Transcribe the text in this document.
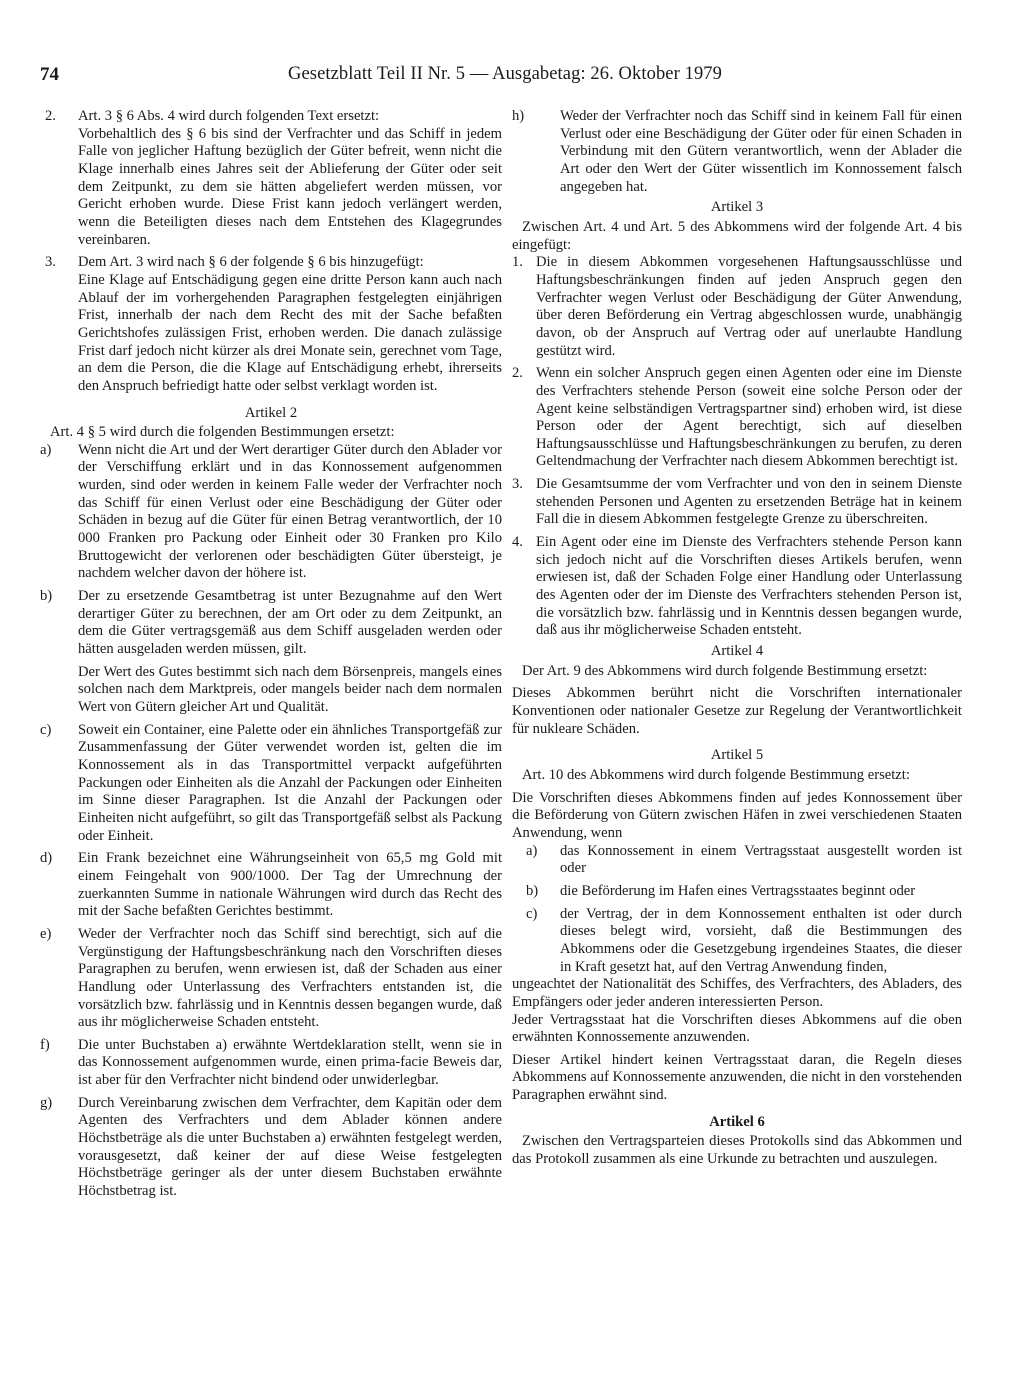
74	Gesetzblatt Teil II Nr. 5 — Ausgabetag: 26. Oktober 1979
2.	Art. 3 § 6 Abs. 4 wird durch folgenden Text ersetzt:

Vorbehaltlich des § 6 bis sind der Verfrachter und das Schiff in jedem Falle von jeglicher Haftung bezüglich der Güter befreit, wenn nicht die Klage innerhalb eines Jahres seit der Ablieferung der Güter oder seit dem Zeitpunkt, zu dem sie hätten abgeliefert werden müssen, vor Gericht erhoben wurde. Diese Frist kann jedoch verlängert werden, wenn die Beteiligten dieses nach dem Entstehen des Klagegrundes vereinbaren.

3.	Dem Art. 3 wird nach § 6 der folgende § 6 bis hinzugefügt:

Eine Klage auf Entschädigung gegen eine dritte Person kann auch nach Ablauf der im vorhergehenden Paragraphen festgelegten einjährigen Frist, innerhalb der nach dem Recht des mit der Sache befaßten Gerichtshofes zulässigen Frist, erhoben werden. Die danach zulässige Frist darf jedoch nicht kürzer als drei Monate sein, gerechnet vom Tage, an dem die Person, die die Klage auf Entschädigung erhebt, ihrerseits den Anspruch befriedigt hatte oder selbst verklagt worden ist.

Artikel 2

Art. 4 § 5 wird durch die folgenden Bestimmungen ersetzt:

a)	Wenn nicht die Art und der Wert derartiger Güter durch den Ablader vor der Verschiffung erklärt und in das Konnossement aufgenommen wurden, sind oder werden in keinem Falle weder der Verfrachter noch das Schiff für einen Verlust oder eine Beschädigung der Güter oder Schäden in bezug auf die Güter für einen Betrag verantwortlich, der 10 000 Franken pro Packung oder Einheit oder 30 Franken pro Kilo Bruttogewicht der verlorenen oder beschädigten Güter übersteigt, je nachdem welcher davon der höhere ist.

b)	Der zu ersetzende Gesamtbetrag ist unter Bezugnahme auf den Wert derartiger Güter zu berechnen, der am Ort oder zu dem Zeitpunkt, an dem die Güter vertragsgemäß aus dem Schiff ausgeladen werden oder hätten ausgeladen werden müssen, gilt.

Der Wert des Gutes bestimmt sich nach dem Börsenpreis, mangels eines solchen nach dem Marktpreis, oder mangels beider nach dem normalen Wert von Gütern gleicher Art und Qualität.

c)	Soweit ein Container, eine Palette oder ein ähnliches Transportgefäß zur Zusammenfassung der Güter verwendet worden ist, gelten die im Konnossement als in das Transportmittel verpackt aufgeführten Packungen oder Einheiten als die Anzahl der Packungen oder Einheiten im Sinne dieser Paragraphen. Ist die Anzahl der Packungen oder Einheiten nicht aufgeführt, so gilt das Transportgefäß selbst als Packung oder Einheit.

d)	Ein Frank bezeichnet eine Währungseinheit von 65,5 mg Gold mit einem Feingehalt von 900/1000. Der Tag der Umrechnung der zuerkannten Summe in nationale Währungen wird durch das Recht des mit der Sache befaßten Gerichtes bestimmt.

e)	Weder der Verfrachter noch das Schiff sind berechtigt, sich auf die Vergünstigung der Haftungsbeschränkung nach den Vorschriften dieses Paragraphen zu berufen, wenn erwiesen ist, daß der Schaden aus einer Handlung oder Unterlassung des Verfrachters entstanden ist, die vorsätzlich bzw. fahrlässig und in Kenntnis dessen begangen wurde, daß aus ihr möglicherweise Schaden entsteht.

f)	Die unter Buchstaben a) erwähnte Wertdeklaration stellt, wenn sie in das Konnossement aufgenommen wurde, einen prima-facie Beweis dar, ist aber für den Verfrachter nicht bindend oder unwiderlegbar.

g)	Durch Vereinbarung zwischen dem Verfrachter, dem Kapitän oder dem Agenten des Verfrachters und dem Ablader können andere Höchstbeträge als die unter Buchstaben a) erwähnten festgelegt werden, vorausgesetzt, daß keiner der auf diese Weise festgelegten Höchstbeträge geringer als der unter diesem Buchstaben erwähnte Höchstbetrag ist.

h)	Weder der Verfrachter noch das Schiff sind in keinem Fall für einen Verlust oder eine Beschädigung der Güter oder für einen Schaden in Verbindung mit den Gütern verantwortlich, wenn der Ablader die Art oder den Wert der Güter wissentlich im Konnossement falsch angegeben hat.

Artikel 3

Zwischen Art. 4 und Art. 5 des Abkommens wird der folgende Art. 4 bis eingefügt:

1. Die in diesem Abkommen vorgesehenen Haftungsausschlüsse und Haftungsbeschränkungen finden auf jeden Anspruch gegen den Verfrachter wegen Verlust oder Beschädigung der Güter Anwendung, über deren Beförderung ein Vertrag abgeschlossen wurde, unabhängig davon, ob der Anspruch auf Vertrag oder auf unerlaubte Handlung gestützt wird.

2. Wenn ein solcher Anspruch gegen einen Agenten oder eine im Dienste des Verfrachters stehende Person (soweit eine solche Person oder der Agent keine selbständigen Vertragspartner sind) erhoben wird, ist diese Person oder der Agent berechtigt, sich auf dieselben Haftungsausschlüsse und Haftungsbeschränkungen zu berufen, zu deren Geltendmachung der Verfrachter nach diesem Abkommen berechtigt ist.

3. Die Gesamtsumme der vom Verfrachter und von den in seinem Dienste stehenden Personen und Agenten zu ersetzenden Beträge hat in keinem Fall die in diesem Abkommen festgelegte Grenze zu überschreiten.

4. Ein Agent oder eine im Dienste des Verfrachters stehende Person kann sich jedoch nicht auf die Vorschriften dieses Artikels berufen, wenn erwiesen ist, daß der Schaden Folge einer Handlung oder Unterlassung des Agenten oder der im Dienste des Verfrachters stehenden Person ist, die vorsätzlich bzw. fahrlässig und in Kenntnis dessen begangen wurde, daß aus ihr möglicherweise Schaden entsteht.

Artikel 4

Der Art. 9 des Abkommens wird durch folgende Bestimmung ersetzt:

Dieses Abkommen berührt nicht die Vorschriften internationaler Konventionen oder nationaler Gesetze zur Regelung der Verantwortlichkeit für nukleare Schäden.

Artikel 5

Art. 10 des Abkommens wird durch folgende Bestimmung ersetzt:

Die Vorschriften dieses Abkommens finden auf jedes Konnossement über die Beförderung von Gütern zwischen Häfen in zwei verschiedenen Staaten Anwendung, wenn

a)	das Konnossement in einem Vertragsstaat ausgestellt worden ist oder

b)	die Beförderung im Hafen eines Vertragsstaates beginnt oder

c)	der Vertrag, der in dem Konnossement enthalten ist oder durch dieses belegt wird, vorsieht, daß die Bestimmungen des Abkommens oder die Gesetzgebung irgendeines Staates, die dieser in Kraft gesetzt hat, auf den Vertrag Anwendung finden,

ungeachtet der Nationalität des Schiffes, des Verfrachters, des Abladers, des Empfängers oder jeder anderen interessierten Person.

Jeder Vertragsstaat hat die Vorschriften dieses Abkommens auf die oben erwähnten Konnossemente anzuwenden.

Dieser Artikel hindert keinen Vertragsstaat daran, die Regeln dieses Abkommens auf Konnossemente anzuwenden, die nicht in den vorstehenden Paragraphen erwähnt sind.

Artikel 6

Zwischen den Vertragsparteien dieses Protokolls sind das Abkommen und das Protokoll zusammen als eine Urkunde zu betrachten und auszulegen.
